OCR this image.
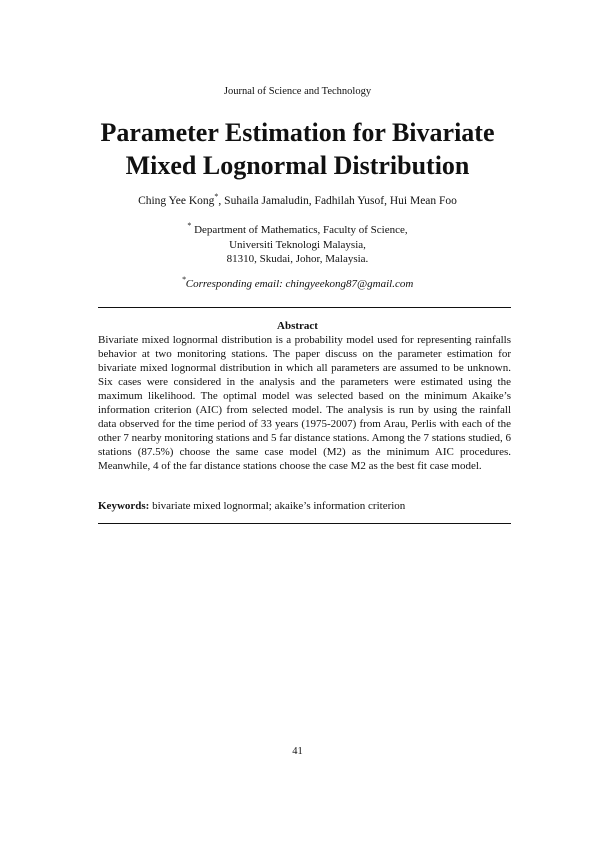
Journal of Science and Technology
Parameter Estimation for Bivariate
Mixed Lognormal Distribution
Ching Yee Kong*, Suhaila Jamaludin, Fadhilah Yusof, Hui Mean Foo
* Department of Mathematics, Faculty of Science,
Universiti Teknologi Malaysia,
81310, Skudai, Johor, Malaysia.
*Corresponding email: chingyeekong87@gmail.com
Abstract
Bivariate mixed lognormal distribution is a probability model used for representing rainfalls behavior at two monitoring stations. The paper discuss on the parameter estimation for bivariate mixed lognormal distribution in which all parameters are assumed to be unknown. Six cases were considered in the analysis and the parameters were estimated using the maximum likelihood. The optimal model was selected based on the minimum Akaike’s information criterion (AIC) from selected model. The analysis is run by using the rainfall data observed for the time period of 33 years (1975-2007) from Arau, Perlis with each of the other 7 nearby monitoring stations and 5 far distance stations. Among the 7 stations studied, 6 stations (87.5%) choose the same case model (M2) as the minimum AIC procedures. Meanwhile, 4 of the far distance stations choose the case M2 as the best fit case model.
Keywords: bivariate mixed lognormal; akaike’s information criterion
41
